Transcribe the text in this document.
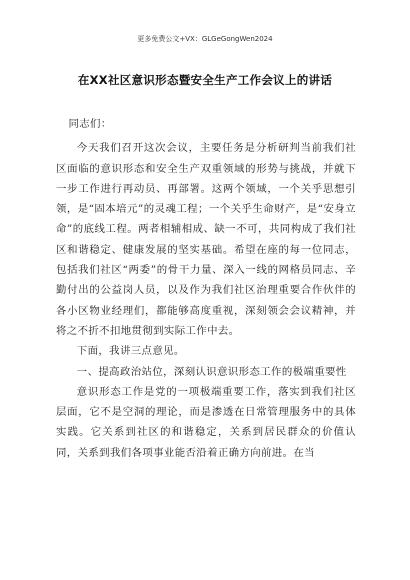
更多免费公文+VX：GLGeGongWen2024
在XX社区意识形态暨安全生产工作会议上的讲话

同志们：

今天我们召开这次会议，主要任务是分析研判当前我们社区面临的意识形态和安全生产双重领域的形势与挑战，并就下一步工作进行再动员、再部署。这两个领域，一个关乎思想引领，是“固本培元”的灵魂工程；一个关乎生命财产，是“安身立命”的底线工程。两者相辅相成、缺一不可，共同构成了我们社区和谐稳定、健康发展的坚实基础。希望在座的每一位同志，包括我们社区“两委”的骨干力量、深入一线的网格员同志、辛勤付出的公益岗人员，以及作为我们社区治理重要合作伙伴的各小区物业经理们，都能够高度重视，深刻领会会议精神，并将之不折不扣地贯彻到实际工作中去。

下面，我讲三点意见。

一、提高政治站位，深刻认识意识形态工作的极端重要性

意识形态工作是党的一项极端重要工作，落实到我们社区层面，它不是空洞的理论，而是渗透在日常管理服务中的具体实践。它关系到社区的和谐稳定，关系到居民群众的价值认同，关系到我们各项事业能否沿着正确方向前进。在当
